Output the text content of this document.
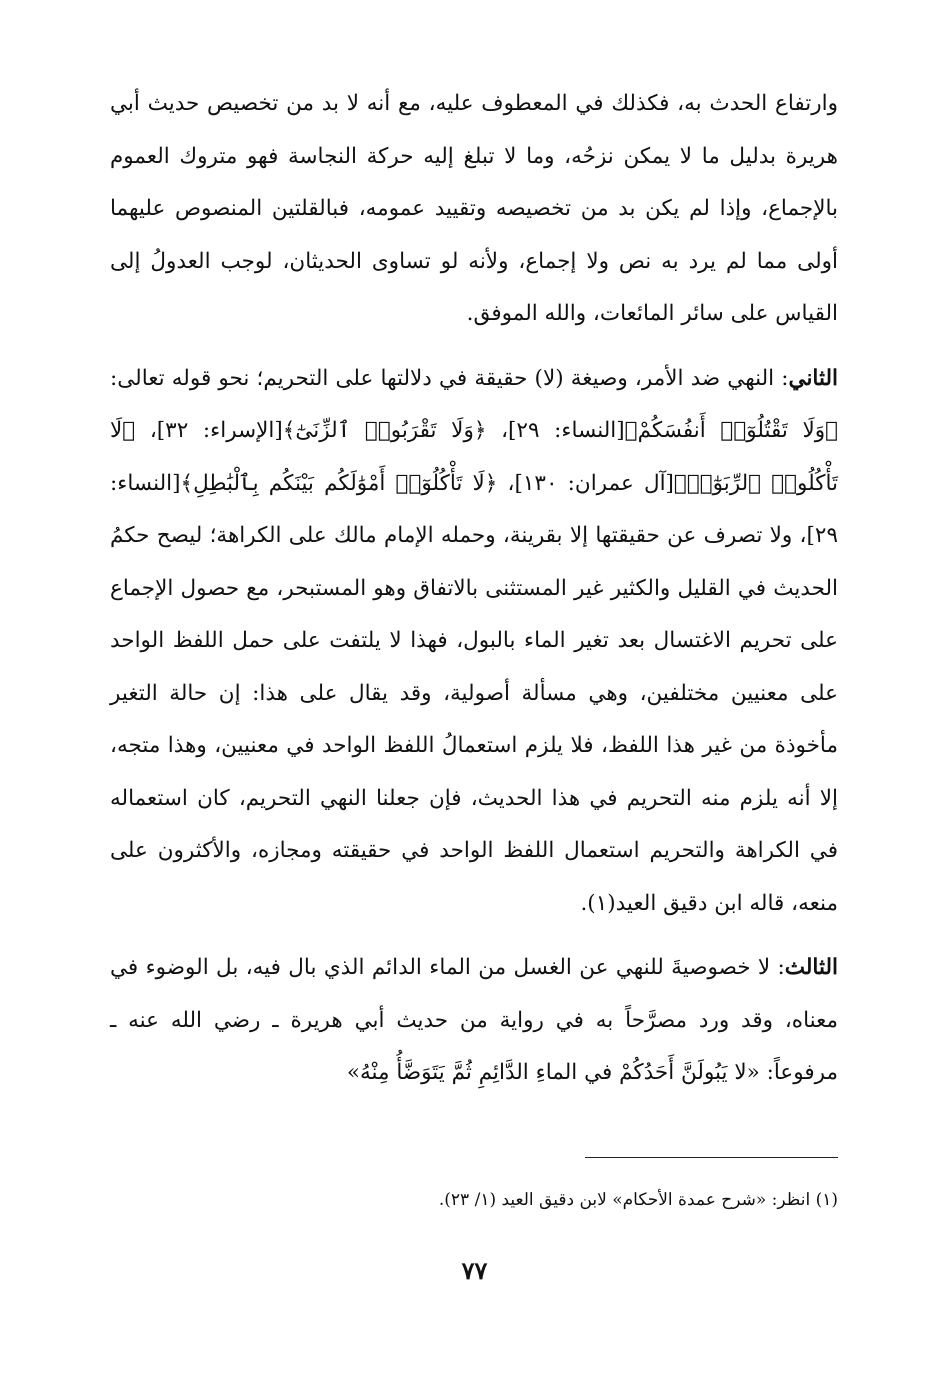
وارتفاع الحدث به، فكذلك في المعطوف عليه، مع أنه لا بد من تخصيص حديث أبي هريرة بدليل ما لا يمكن نزحُه، وما لا تبلغ إليه حركة النجاسة فهو متروك العموم بالإجماع، وإذا لم يكن بد من تخصيصه وتقييد عمومه، فبالقلتين المنصوص عليهما أولى مما لم يرد به نص ولا إجماع، ولأنه لو تساوى الحديثان، لوجب العدولُ إلى القياس على سائر المائعات، والله الموفق.

الثاني: النهي ضد الأمر، وصيغة (لا) حقيقة في دلالتها على التحريم؛ نحو قوله تعالى: ﴿وَلَا تَقْتُلُوٓا۟ أَنفُسَكُمْ﴾[النساء: ٢٩]، ﴿وَلَا تَقْرَبُوا۟ ٱلزِّنَىٰٓ﴾[الإسراء: ٣٢]، ﴿لَا تَأْكُلُوا۟ ٱلرِّبَوٰٓا۟﴾[آل عمران: ١٣٠]، ﴿لَا تَأْكُلُوٓا۟ أَمْوَٰلَكُم بَيْنَكُم بِٱلْبَٰطِلِ﴾[النساء: ٢٩]، ولا تصرف عن حقيقتها إلا بقرينة، وحمله الإمام مالك على الكراهة؛ ليصح حكمُ الحديث في القليل والكثير غير المستثنى بالاتفاق وهو المستبحر، مع حصول الإجماع على تحريم الاغتسال بعد تغير الماء بالبول، فهذا لا يلتفت على حمل اللفظ الواحد على معنيين مختلفين، وهي مسألة أصولية، وقد يقال على هذا: إن حالة التغير مأخوذة من غير هذا اللفظ، فلا يلزم استعمالُ اللفظ الواحد في معنيين، وهذا متجه، إلا أنه يلزم منه التحريم في هذا الحديث، فإن جعلنا النهي التحريم، كان استعماله في الكراهة والتحريم استعمال اللفظ الواحد في حقيقته ومجازه، والأكثرون على منعه، قاله ابن دقيق العيد(١).

الثالث: لا خصوصيةَ للنهي عن الغسل من الماء الدائم الذي بال فيه، بل الوضوء في معناه، وقد ورد مصرَّحاً به في رواية من حديث أبي هريرة ـ رضي الله عنه ـ مرفوعاً: «لا يَبُولَنَّ أَحَدُكُمْ في الماءِ الدَّائِمِ ثُمَّ يَتَوَضَّأُ مِنْهُ»

(١) انظر: «شرح عمدة الأحكام» لابن دقيق العيد (١/ ٢٣).
٧٧
